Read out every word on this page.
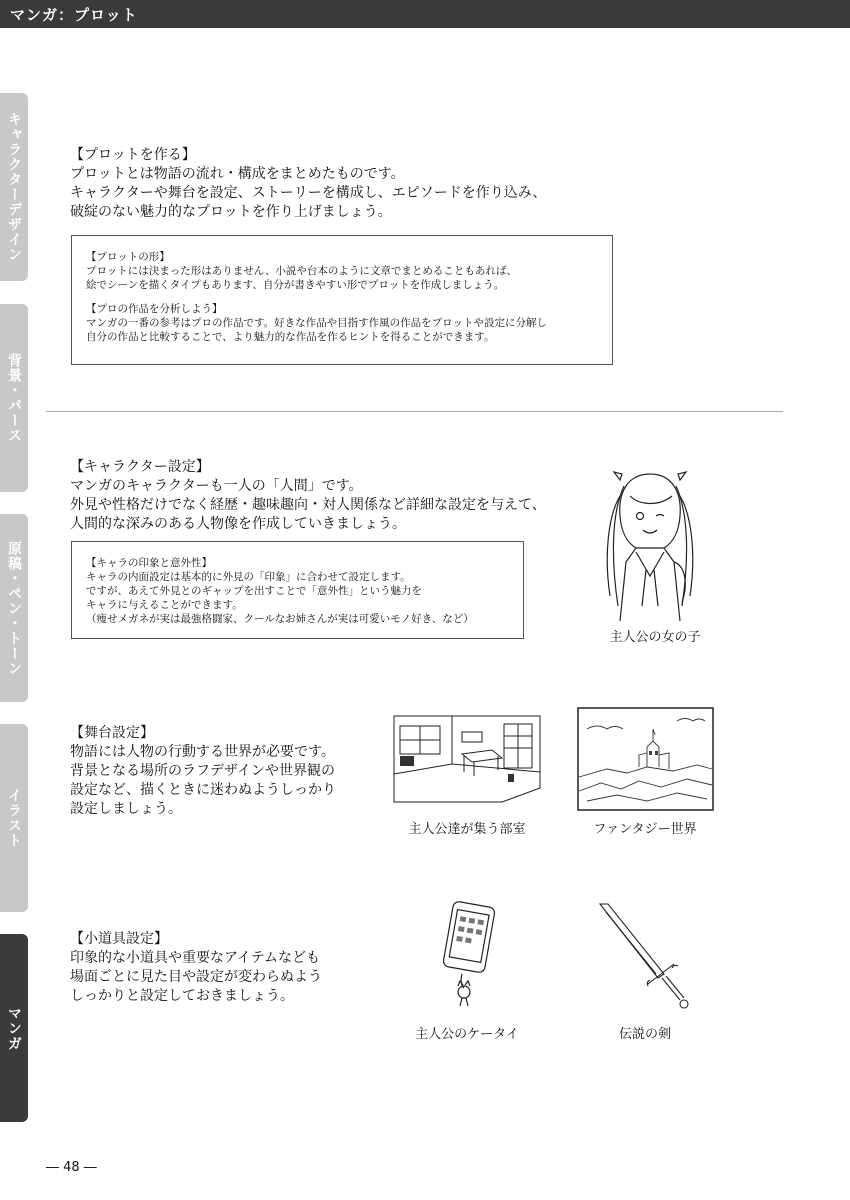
マンガ：プロット
キャラクターデザイン
背景・パース
原稿・ペン・トーン
イラスト
マンガ
【プロットを作る】
プロットとは物語の流れ・構成をまとめたものです。
キャラクターや舞台を設定、ストーリーを構成し、エピソードを作り込み、
破綻のない魅力的なプロットを作り上げましょう。
【プロットの形】
プロットには決まった形はありません、小説や台本のように文章でまとめることもあれば、
絵でシーンを描くタイプもあります、自分が書きやすい形でプロットを作成しましょう。
【プロの作品を分析しよう】
マンガの一番の参考はプロの作品です。好きな作品や目指す作風の作品をプロットや設定に分解し
自分の作品と比較することで、より魅力的な作品を作るヒントを得ることができます。
【キャラクター設定】
マンガのキャラクターも一人の「人間」です。
外見や性格だけでなく経歴・趣味趣向・対人関係など詳細な設定を与えて、
人間的な深みのある人物像を作成していきましょう。
【キャラの印象と意外性】
キャラの内面設定は基本的に外見の「印象」に合わせて設定します。
ですが、あえて外見とのギャップを出すことで「意外性」という魅力を
キャラに与えることができます。
（痩せメガネが実は最強格闘家、クールなお姉さんが実は可愛いモノ好き、など）
主人公の女の子
【舞台設定】
物語には人物の行動する世界が必要です。
背景となる場所のラフデザインや世界観の
設定など、描くときに迷わぬようしっかり
設定しましょう。
主人公達が集う部室	ファンタジー世界
【小道具設定】
印象的な小道具や重要なアイテムなども
場面ごとに見た目や設定が変わらぬよう
しっかりと設定しておきましょう。
主人公のケータイ	伝説の剣
― 48 ―
